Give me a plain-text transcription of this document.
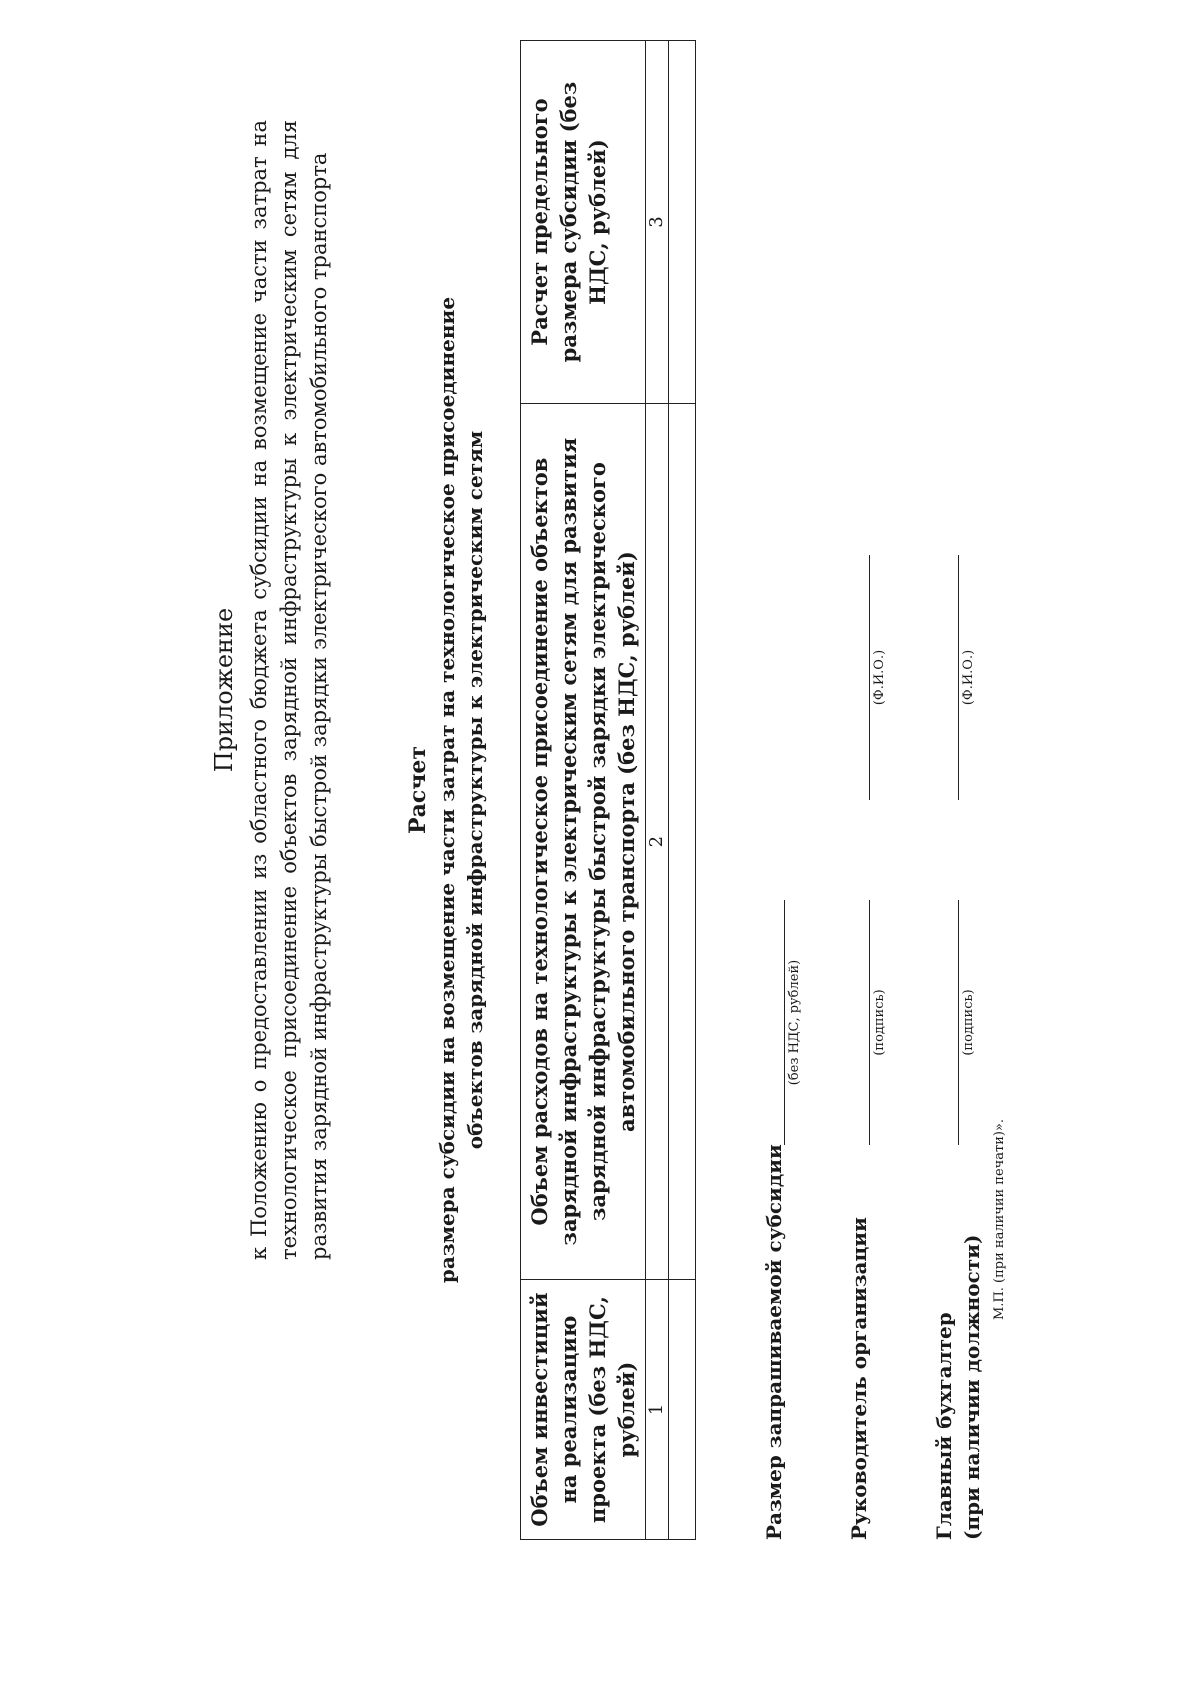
Приложение к Положению о предоставлении из областного бюджета субсидии на возмещение части затрат на технологическое присоединение объектов зарядной инфраструктуры к электрическим сетям для развития зарядной инфраструктуры быстрой зарядки электрического автомобильного транспорта	Расчет размера субсидии на возмещение части затрат на технологическое присоединение объектов зарядной инфраструктуры к электрическим сетям
Объем инвестиций на реализацию проекта (без НДС, рублей)	Объем расходов на технологическое присоединение объектов зарядной инфраструктуры к электрическим сетям для развития зарядной инфраструктуры быстрой зарядки электрического автомобильного транспорта (без НДС, рублей)	Расчет предельного размера субсидии (без НДС, рублей)
1	2	3

Размер запрашиваемой субсидии
(без НДС, рублей)
Руководитель организации
(подпись)
(Ф.И.О.)
Главный бухгалтер (при наличии должности)
(подпись)
(Ф.И.О.)
М.П. (при наличии печати)».
